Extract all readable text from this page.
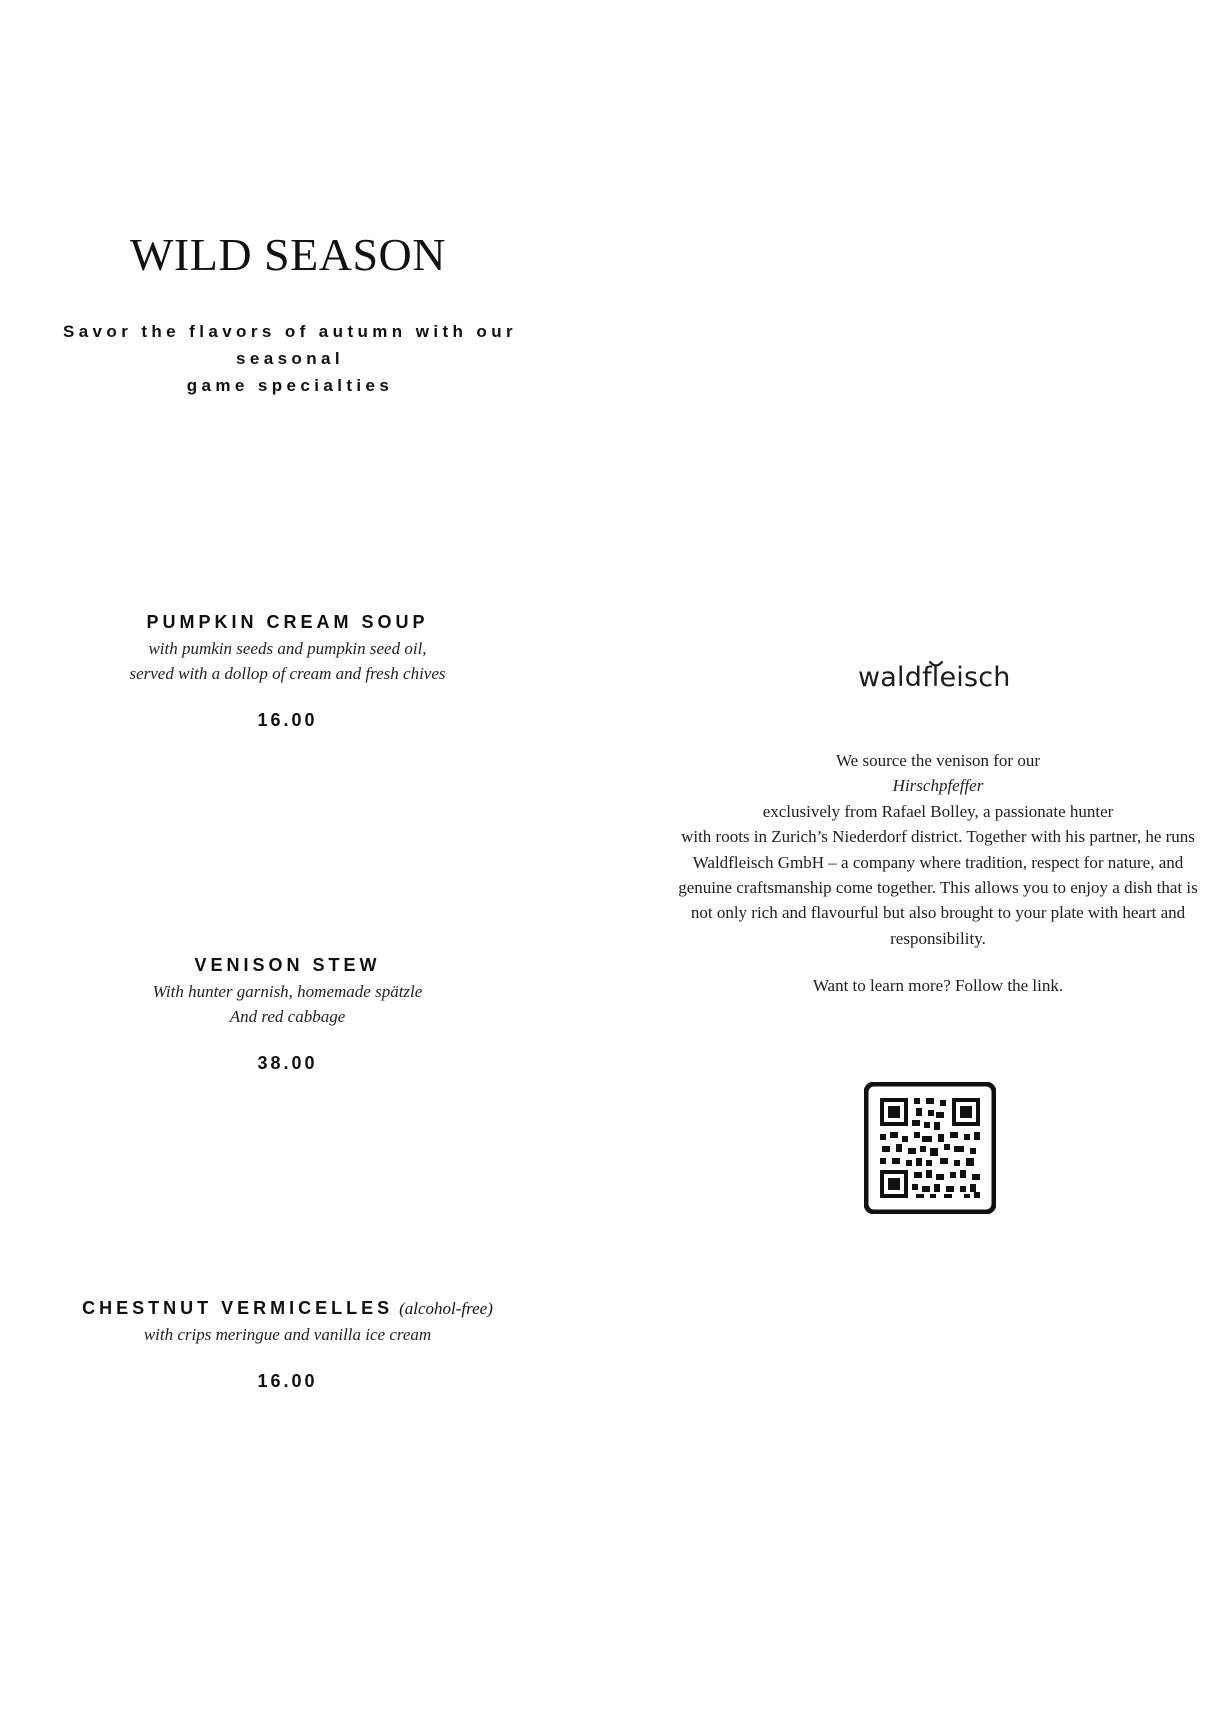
WILD SEASON
Savor the flavors of autumn with our seasonal
game specialties
PUMPKIN CREAM SOUP
with pumkin seeds and pumpkin seed oil,
served with a dollop of cream and fresh chives
16.00
VENISON STEW
With hunter garnish, homemade spätzle
And red cabbage
38.00
CHESTNUT VERMICELLES (alcohol-free)
with crips meringue and vanilla ice cream
16.00
waldfleisch
We source the venison for our
Hirschpfeffer
exclusively from Rafael Bolley, a passionate hunter
with roots in Zurich’s Niederdorf district. Together with his partner, he runs
Waldfleisch GmbH – a company where tradition, respect for nature, and
genuine craftsmanship come together. This allows you to enjoy a dish that is
not only rich and flavourful but also brought to your plate with heart and
responsibility.
Want to learn more? Follow the link.
